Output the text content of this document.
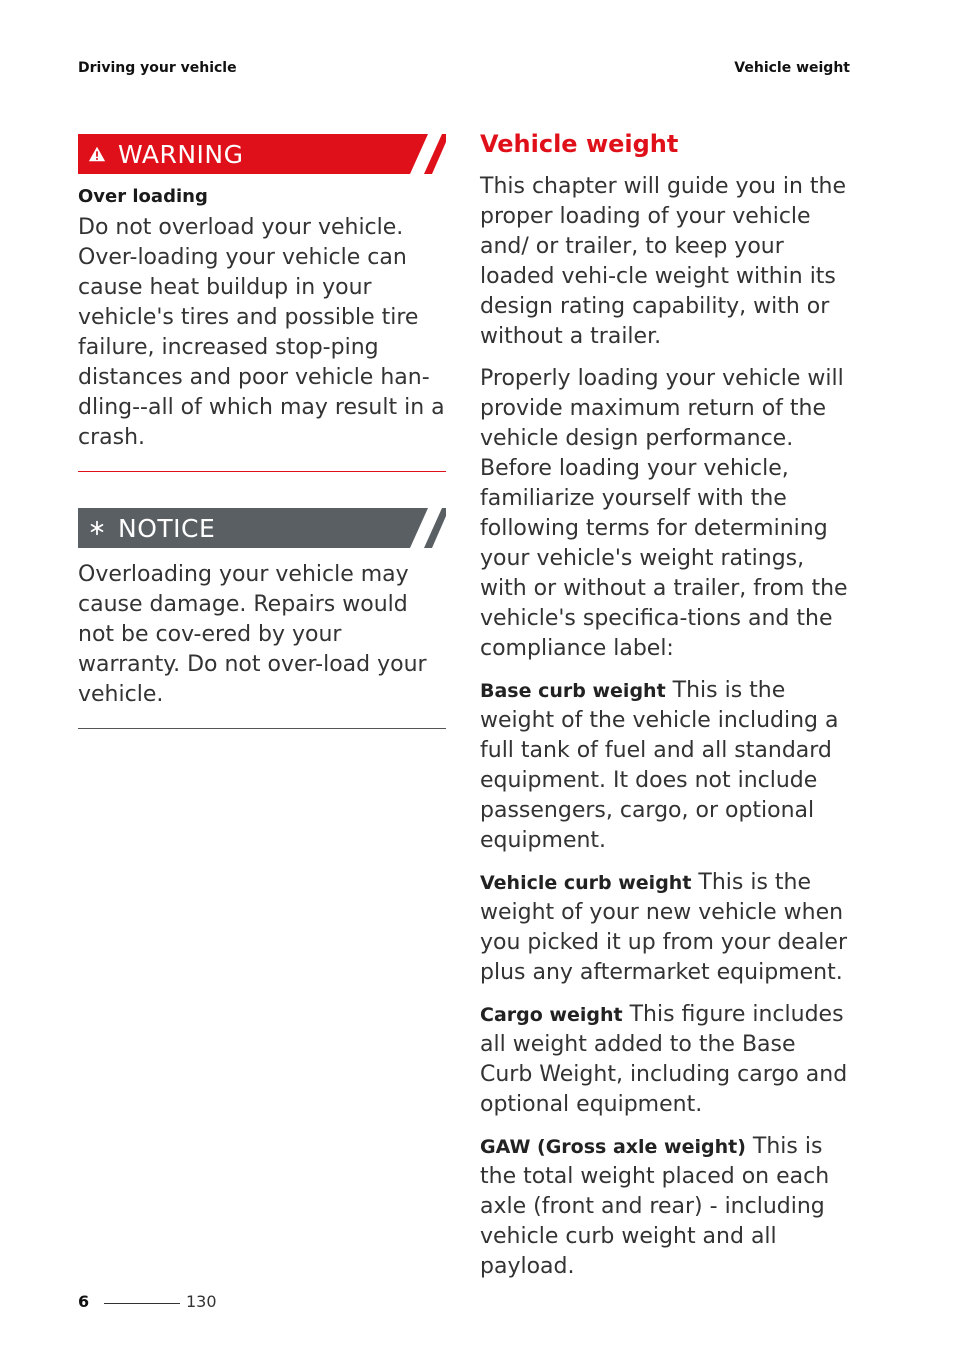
Driving your vehicle	Vehicle weight
WARNING
Over loading

Do not overload your vehicle. Over-loading your vehicle can cause heat buildup in your vehicle's tires and possible tire failure, increased stop-ping distances and poor vehicle han-dling--all of which may result in a crash.

NOTICE

Overloading your vehicle may cause damage. Repairs would not be cov-ered by your warranty. Do not over-load your vehicle.

Vehicle weight

This chapter will guide you in the proper loading of your vehicle and/ or trailer, to keep your loaded vehi-cle weight within its design rating capability, with or without a trailer.

Properly loading your vehicle will provide maximum return of the vehicle design performance. Before loading your vehicle, familiarize yourself with the following terms for determining your vehicle's weight ratings, with or without a trailer, from the vehicle's specifica-tions and the compliance label:

Base curb weight This is the weight of the vehicle including a full tank of fuel and all standard equipment. It does not include passengers, cargo, or optional equipment.

Vehicle curb weight This is the weight of your new vehicle when you picked it up from your dealer plus any aftermarket equipment.

Cargo weight This figure includes all weight added to the Base Curb Weight, including cargo and optional equipment.

GAW (Gross axle weight) This is the total weight placed on each axle (front and rear) - including vehicle curb weight and all payload.

6	130
